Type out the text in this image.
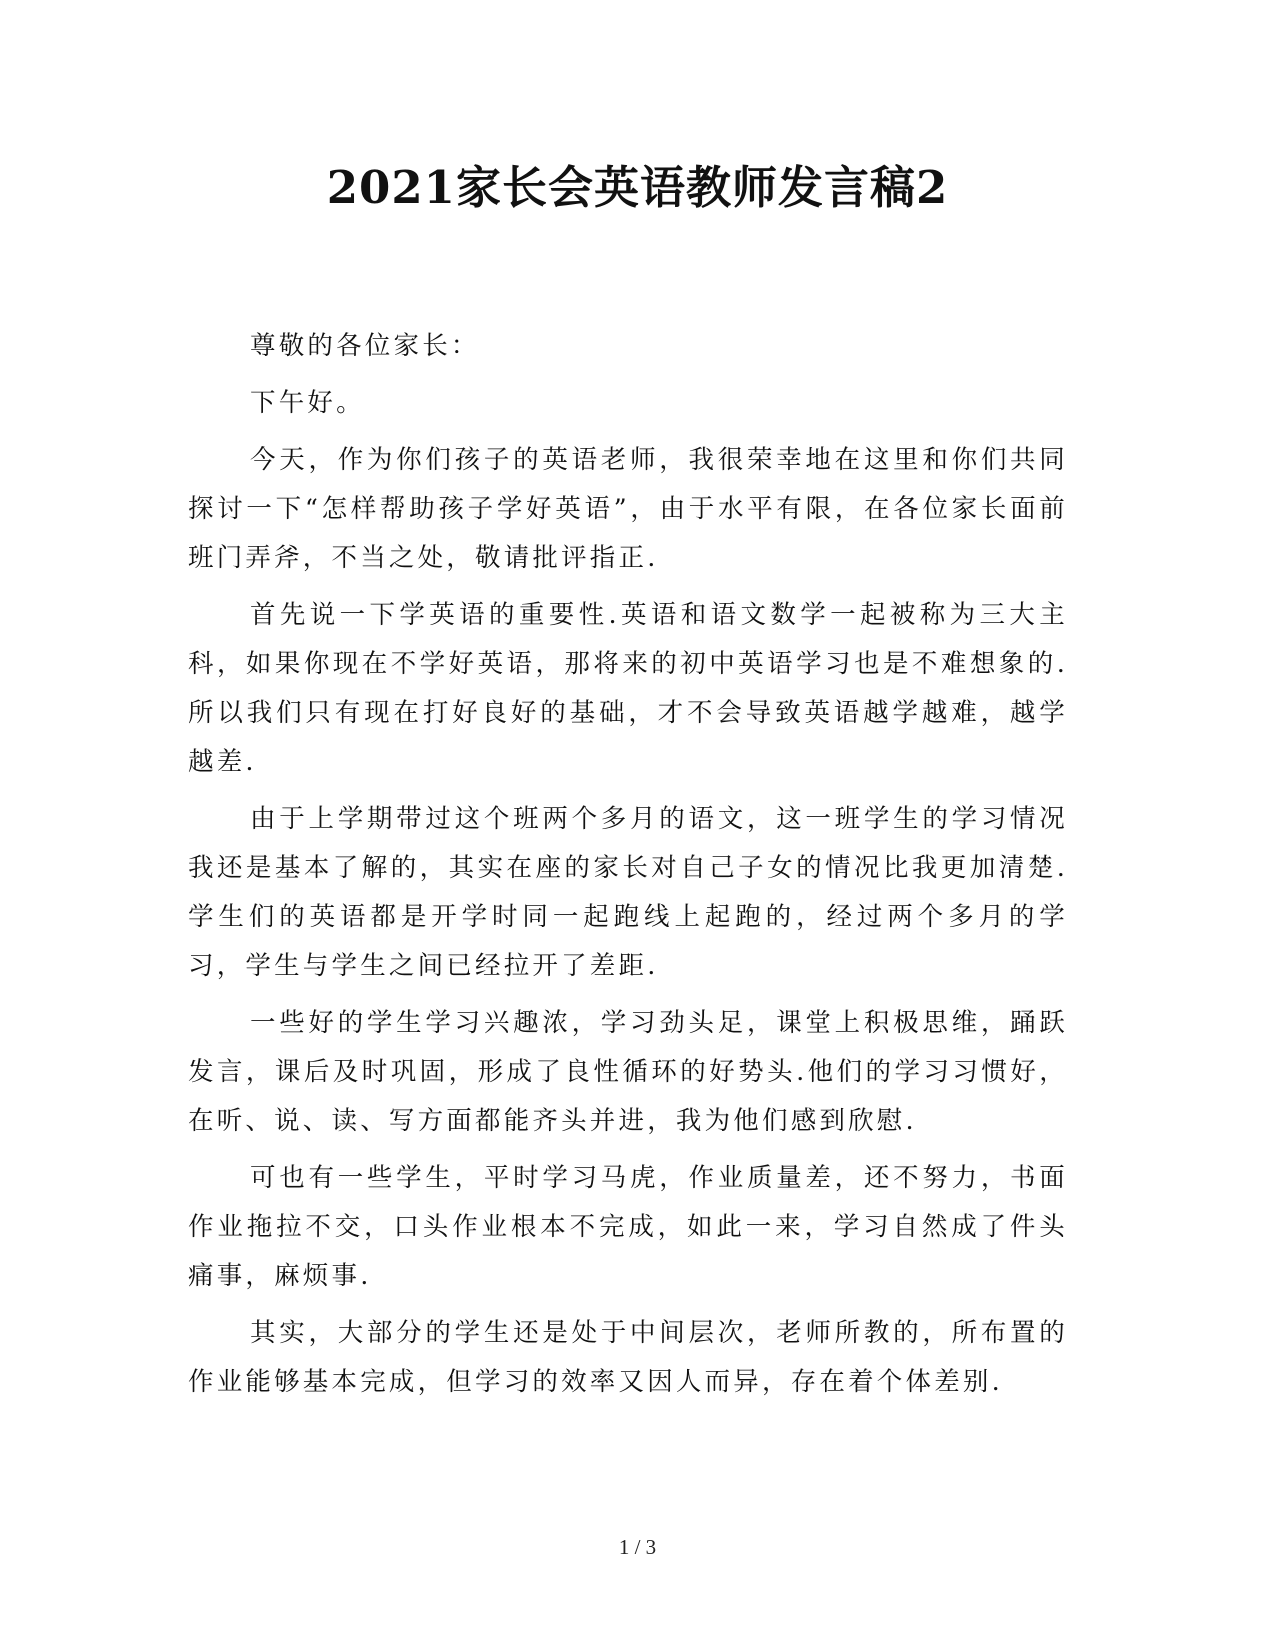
2021家长会英语教师发言稿2

尊敬的各位家长：

下午好。

今天，作为你们孩子的英语老师，我很荣幸地在这里和你们共同探讨一下“怎样帮助孩子学好英语”，由于水平有限，在各位家长面前班门弄斧，不当之处，敬请批评指正.

首先说一下学英语的重要性.英语和语文数学一起被称为三大主科，如果你现在不学好英语，那将来的初中英语学习也是不难想象的.所以我们只有现在打好良好的基础，才不会导致英语越学越难，越学越差.

由于上学期带过这个班两个多月的语文，这一班学生的学习情况我还是基本了解的，其实在座的家长对自己子女的情况比我更加清楚.学生们的英语都是开学时同一起跑线上起跑的，经过两个多月的学习，学生与学生之间已经拉开了差距.

一些好的学生学习兴趣浓，学习劲头足，课堂上积极思维，踊跃发言，课后及时巩固，形成了良性循环的好势头.他们的学习习惯好，在听、说、读、写方面都能齐头并进，我为他们感到欣慰.

可也有一些学生，平时学习马虎，作业质量差，还不努力，书面作业拖拉不交，口头作业根本不完成，如此一来，学习自然成了件头痛事，麻烦事.

其实，大部分的学生还是处于中间层次，老师所教的，所布置的作业能够基本完成，但学习的效率又因人而异，存在着个体差别.

1 / 3
